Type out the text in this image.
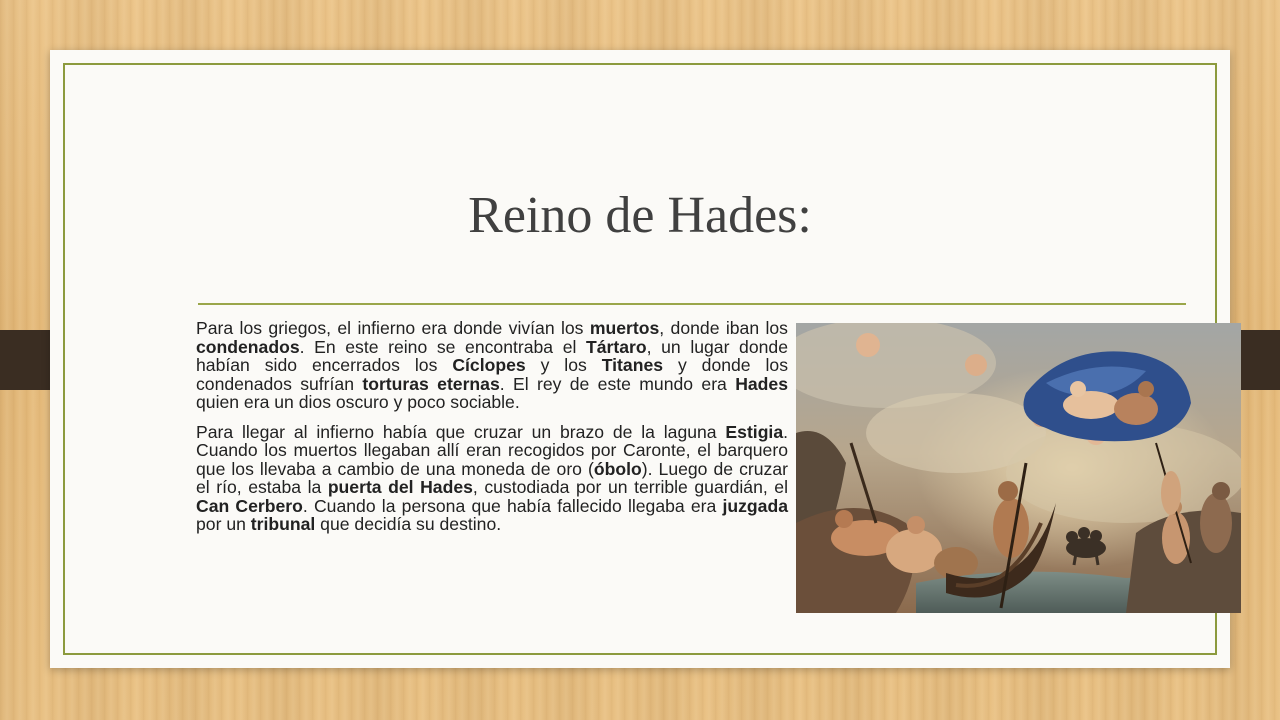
Reino de Hades:

Para los griegos, el infierno era donde vivían los muertos, donde iban los condenados. En este reino se encontraba el Tártaro, un lugar donde habían sido encerrados los Cíclopes y los Titanes y donde los condenados sufrían torturas eternas. El rey de este mundo era Hades quien era un dios oscuro y poco sociable.

Para llegar al infierno había que cruzar un brazo de la laguna Estigia. Cuando los muertos llegaban allí eran recogidos por Caronte, el barquero que los llevaba a cambio de una moneda de oro (óbolo). Luego de cruzar el río, estaba la puerta del Hades, custodiada por un terrible guardián, el Can Cerbero. Cuando la persona que había fallecido llegaba era juzgada por un tribunal que decidía su destino.
